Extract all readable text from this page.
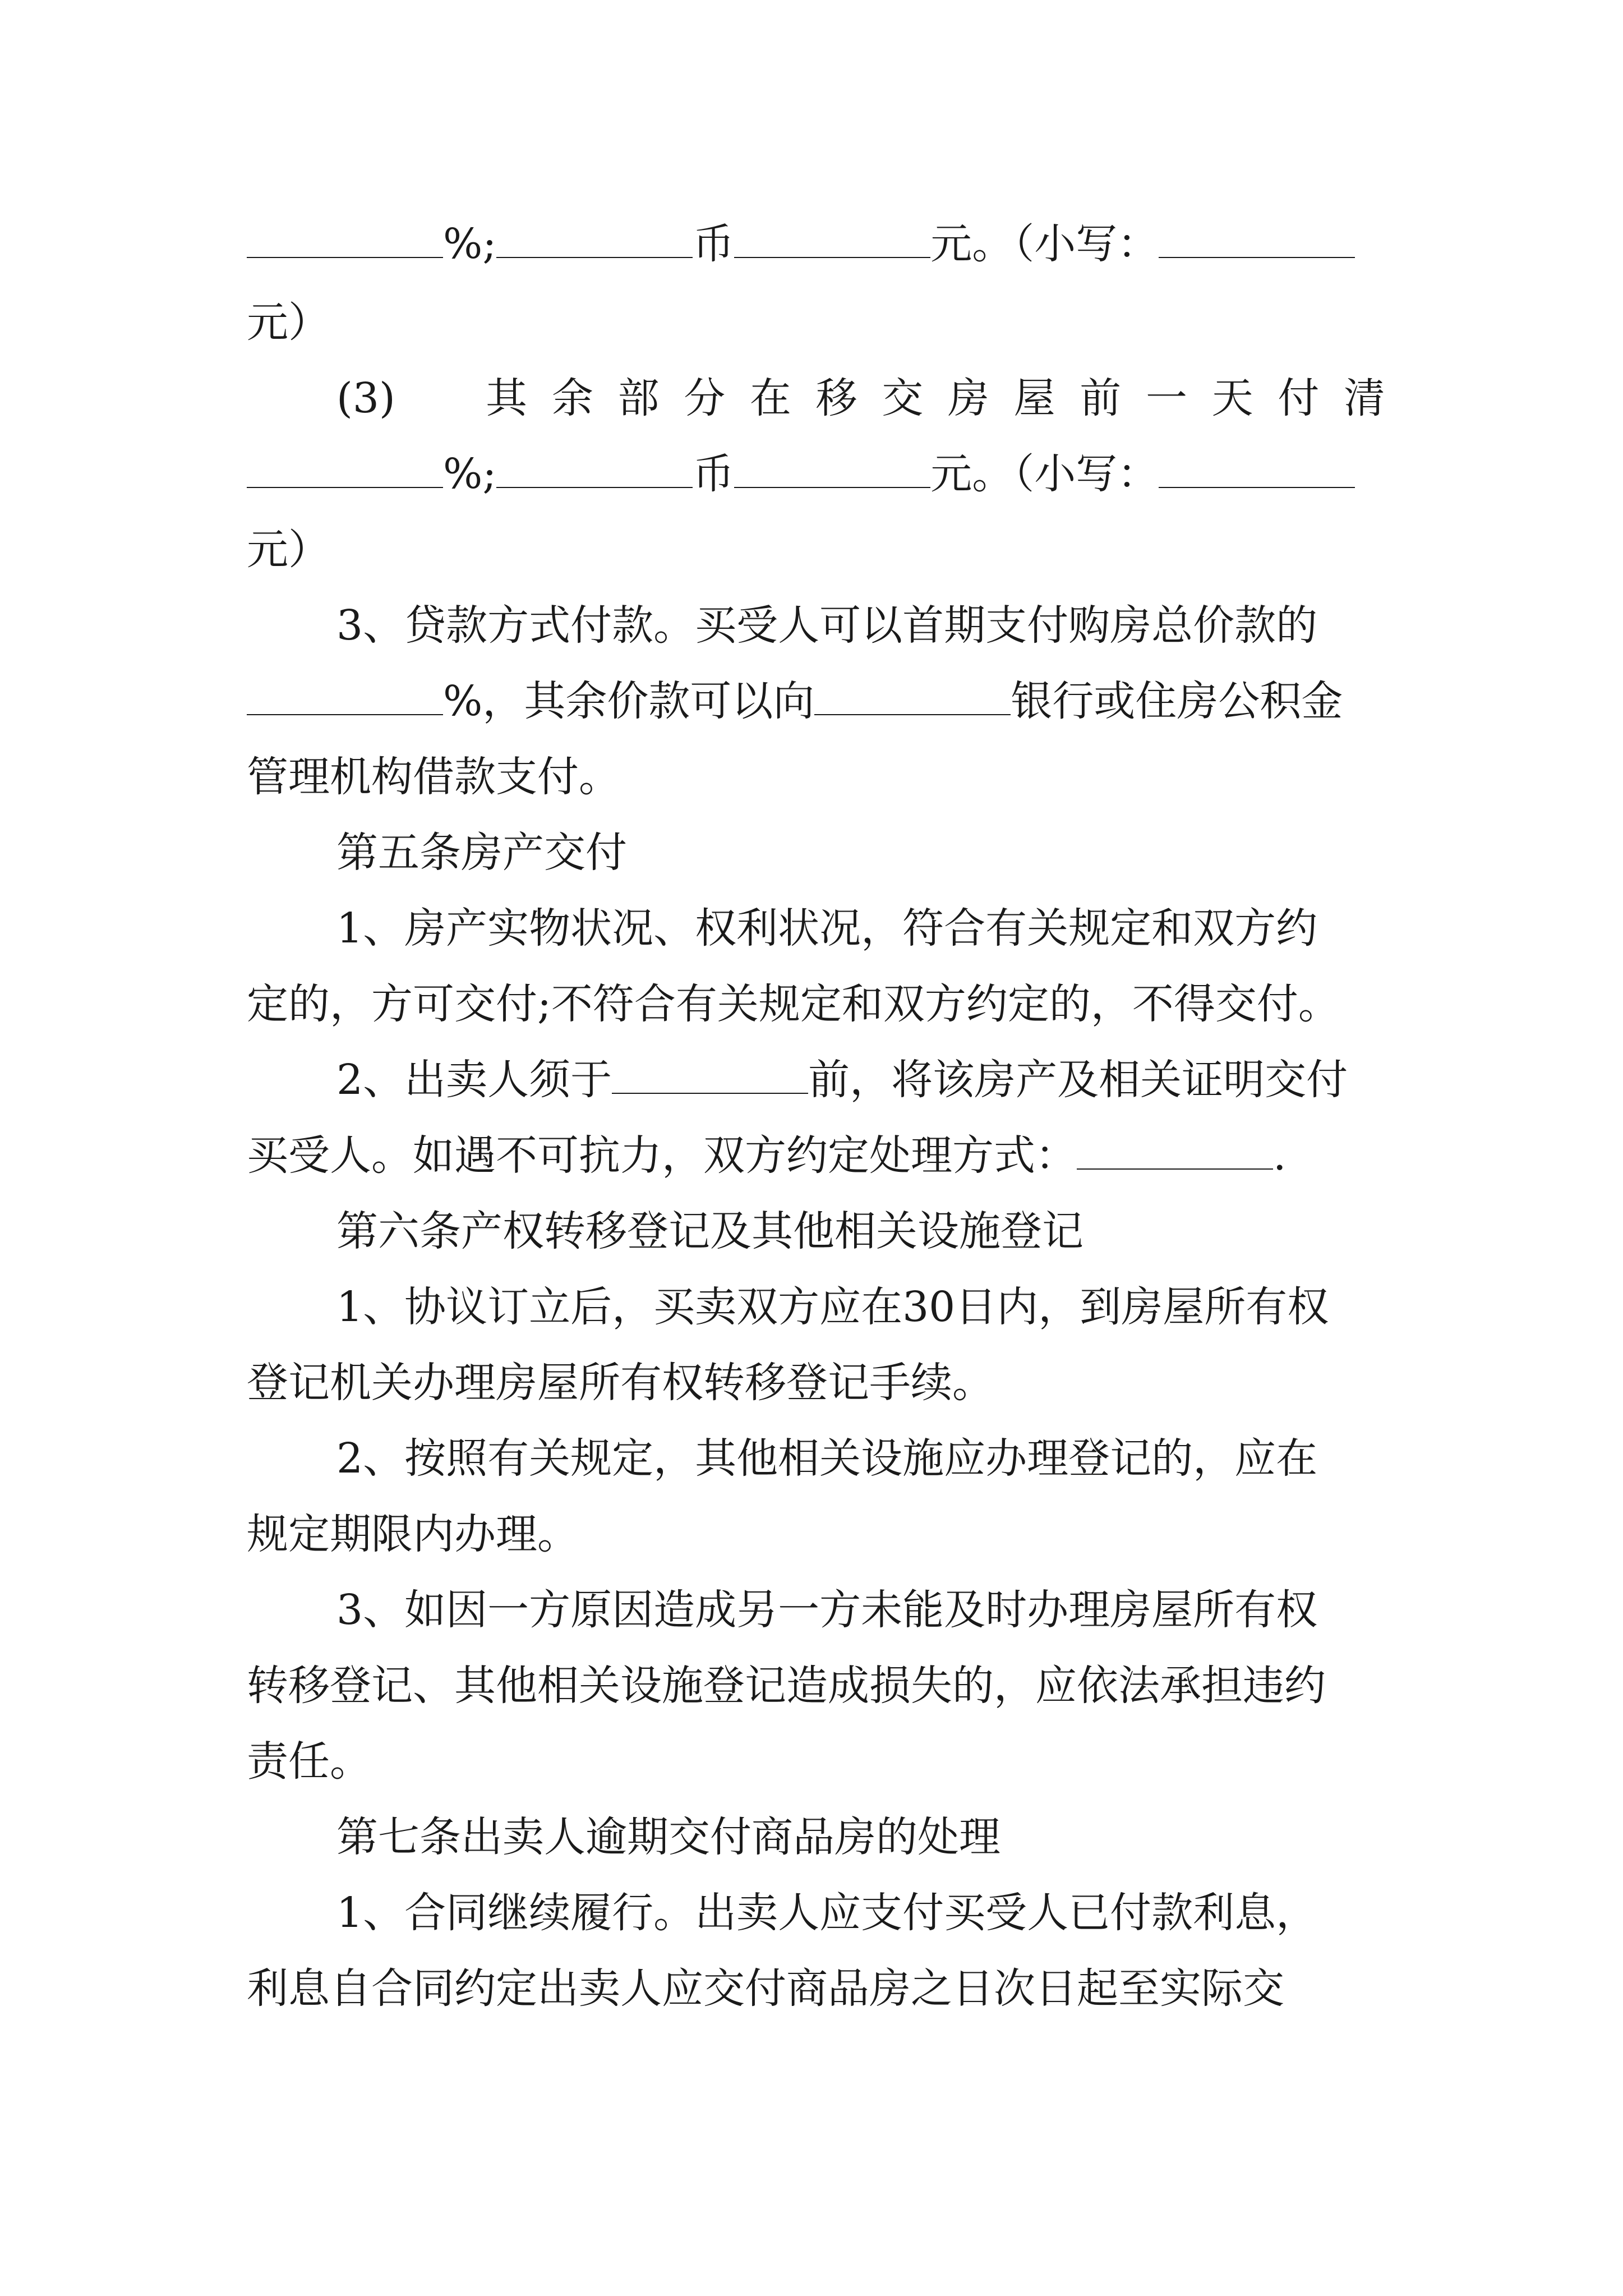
%;	币	元。（小写：
元）
(3)　其余部分在移交房屋前一天付清
%;	币	元。（小写：
元）
3、贷款方式付款。买受人可以首期支付购房总价款的
%，其余价款可以向	银行或住房公积金
管理机构借款支付。
第五条房产交付
1、房产实物状况、权利状况，符合有关规定和双方约
定的，方可交付;不符合有关规定和双方约定的，不得交付。
2、出卖人须于	前，将该房产及相关证明交付
买受人。如遇不可抗力，双方约定处理方式：	.
第六条产权转移登记及其他相关设施登记
1、协议订立后，买卖双方应在30日内，到房屋所有权
登记机关办理房屋所有权转移登记手续。
2、按照有关规定，其他相关设施应办理登记的，应在
规定期限内办理。
3、如因一方原因造成另一方未能及时办理房屋所有权
转移登记、其他相关设施登记造成损失的，应依法承担违约
责任。
第七条出卖人逾期交付商品房的处理
1、合同继续履行。出卖人应支付买受人已付款利息，
利息自合同约定出卖人应交付商品房之日次日起至实际交
